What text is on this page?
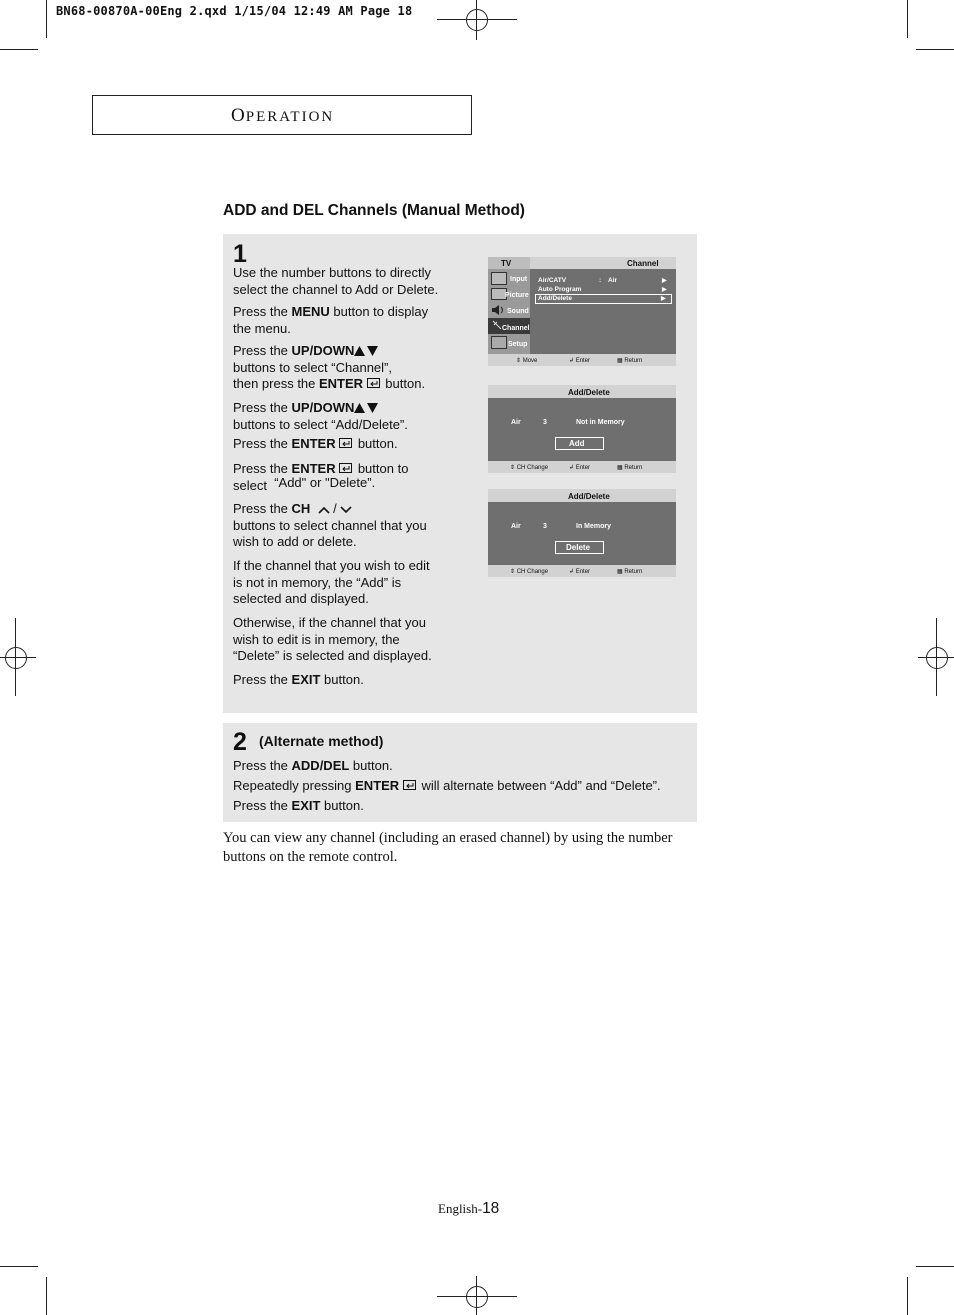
BN68-00870A-00Eng 2.qxd 1/15/04 12:49 AM Page 18
OPERATION
ADD and DEL Channels (Manual Method)
1
Use the number buttons to directly
select the channel to Add or Delete.
Press the MENU button to display
the menu.
Press the UP/DOWN
buttons to select “Channel”,
then press the ENTER  button.
Press the UP/DOWN
buttons to select “Add/Delete”.
Press the ENTER  button.
Press the ENTER  button to
select “Add" or "Delete”.
Press the CH /
buttons to select channel that you
wish to add or delete.
If the channel that you wish to edit
is not in memory, the “Add” is
selected and displayed.
Otherwise, if the channel that you
wish to edit is in memory, the
“Delete” is selected and displayed.
Press the EXIT button.
TV	Channel
Input
Picture
Sound
Channel
Setup
Air/CATV	: Air	▶
Auto Program	▶
Add/Delete	▶
⇕ Move	↲ Enter	▦ Return
Add/Delete
Air	3	Not in Memory
Add
⇕ CH Change	↲ Enter	▦ Return
Add/Delete
Air	3	In Memory
Delete
⇕ CH Change	↲ Enter	▦ Return
2 (Alternate method)
Press the ADD/DEL button.
Repeatedly pressing ENTER  will alternate between “Add” and “Delete”.
Press the EXIT button.
You can view any channel (including an erased channel) by using the number buttons on the remote control.
English-18
